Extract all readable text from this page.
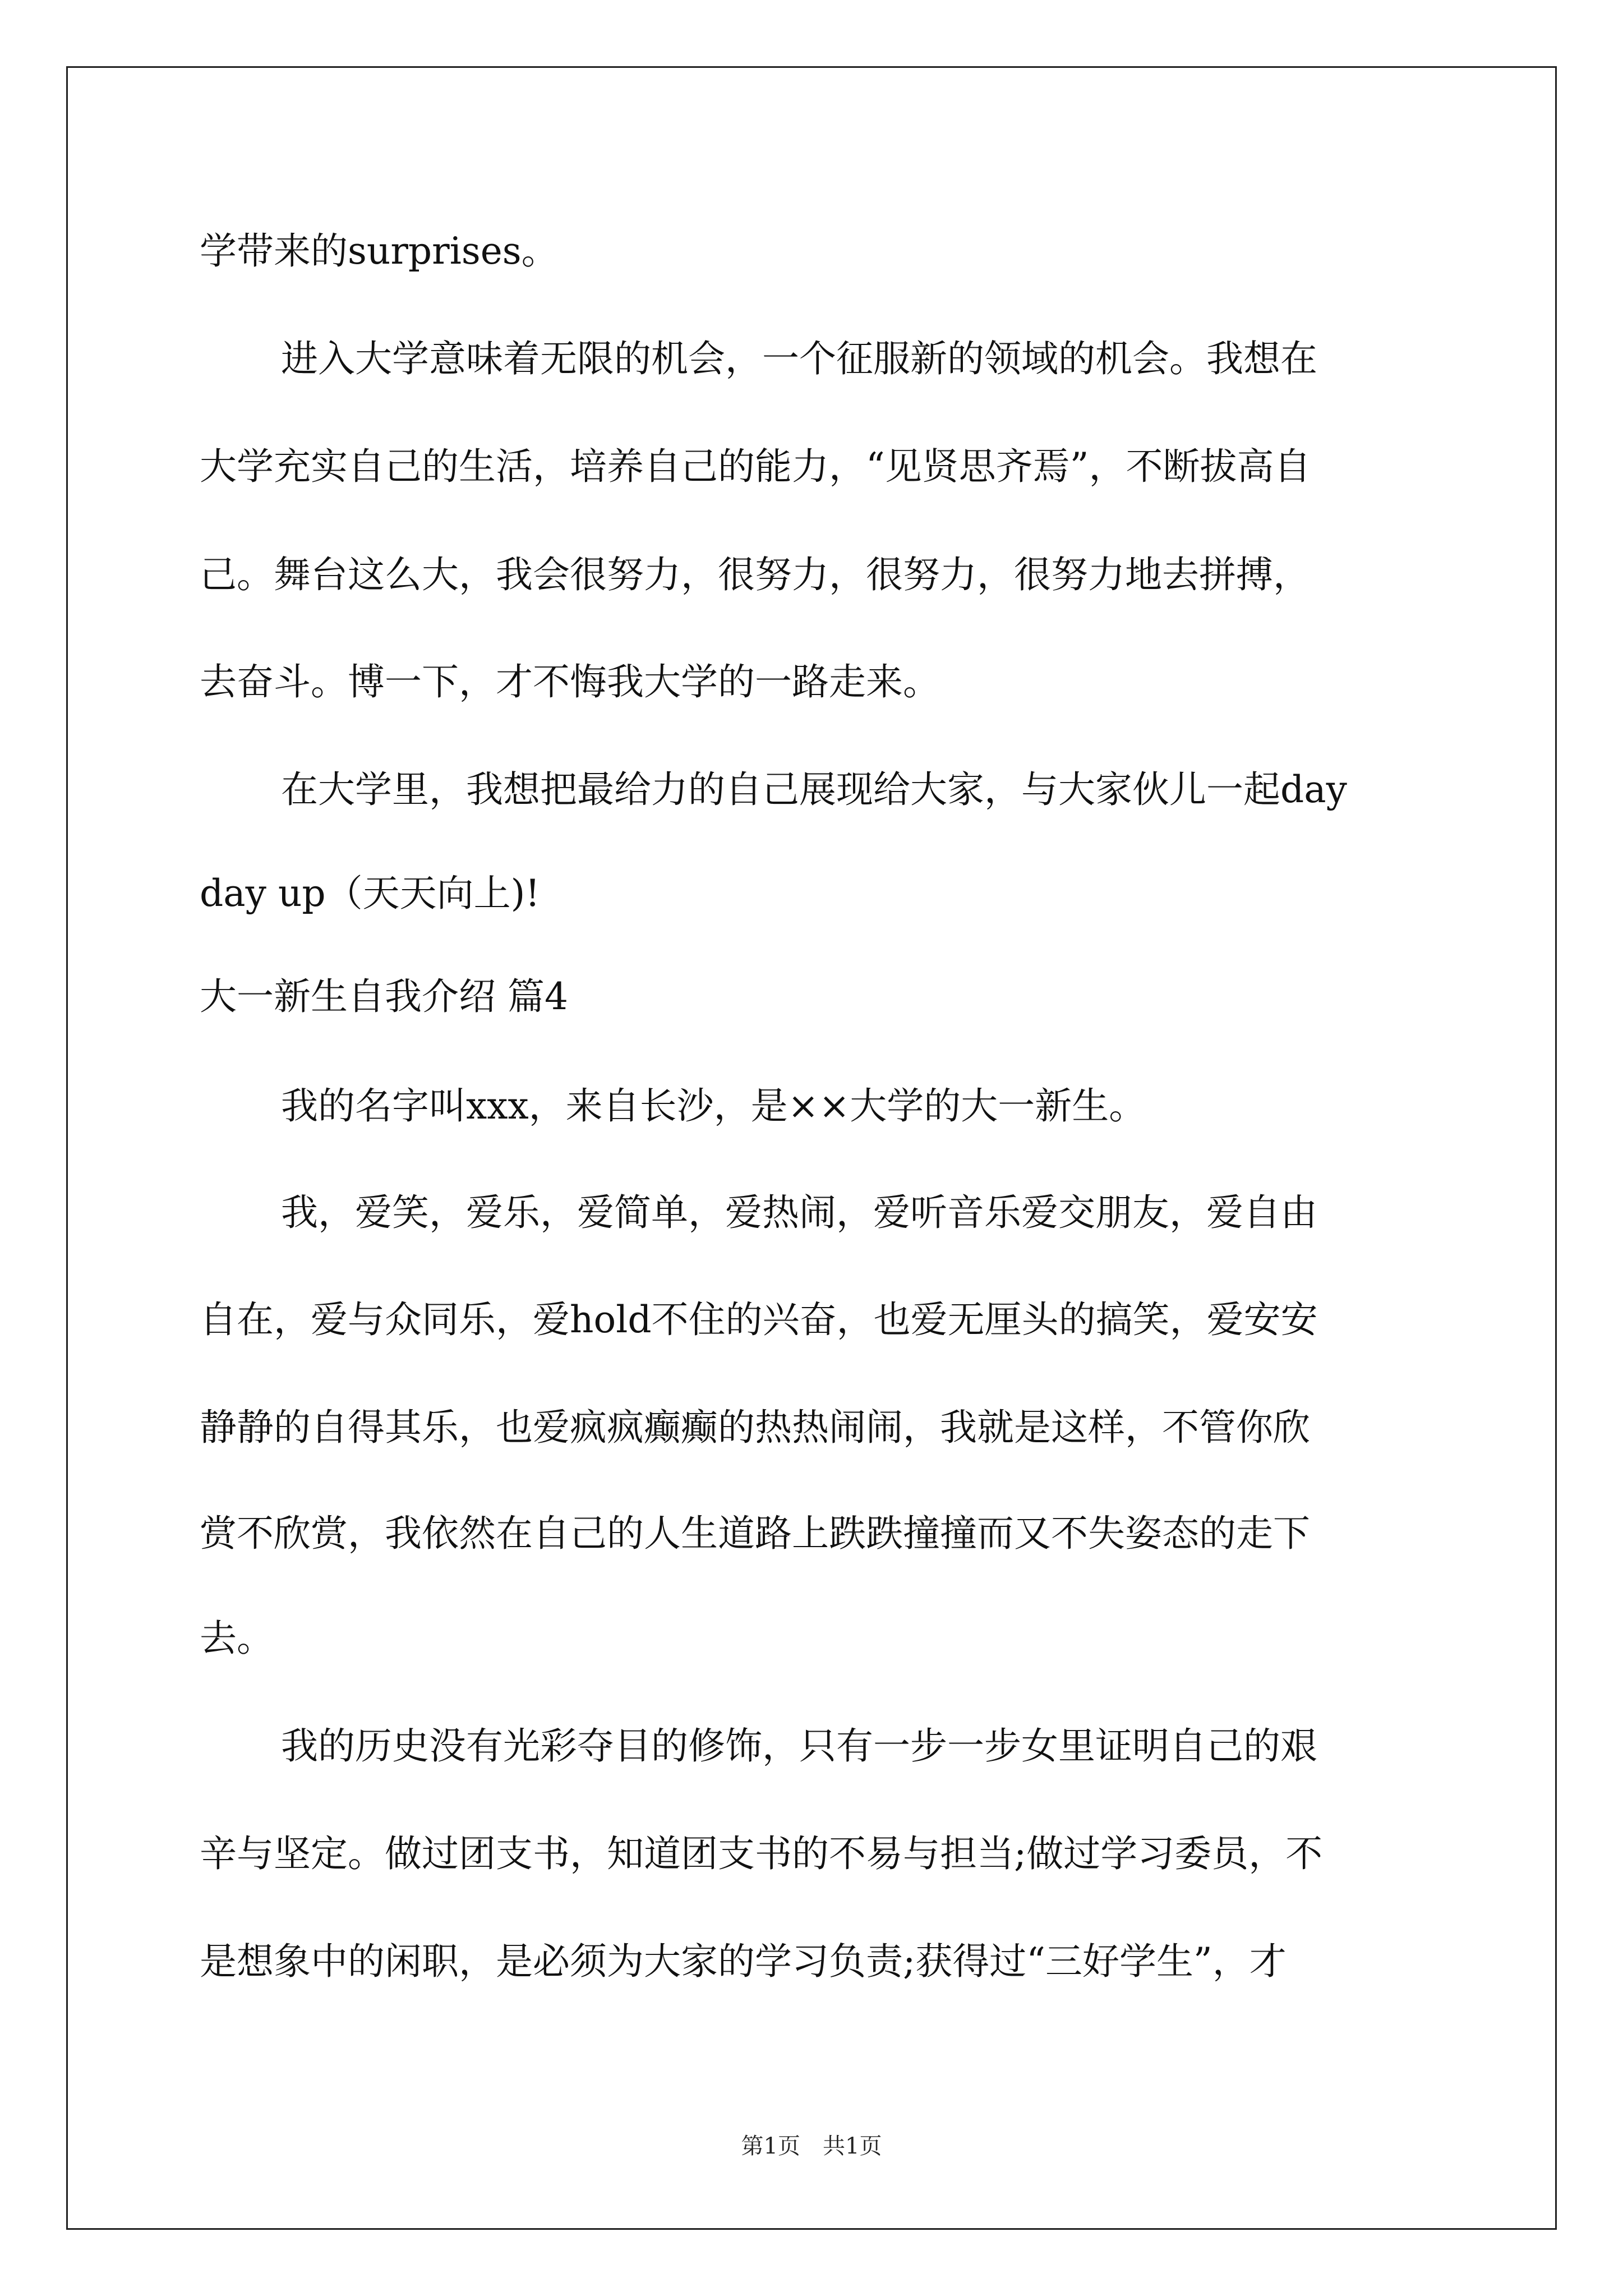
学带来的surprises。
进入大学意味着无限的机会，一个征服新的领域的机会。我想在
大学充实自己的生活，培养自己的能力，“见贤思齐焉”，不断拔高自
己。舞台这么大，我会很努力，很努力，很努力，很努力地去拼搏，
去奋斗。博一下，才不悔我大学的一路走来。
在大学里，我想把最给力的自己展现给大家，与大家伙儿一起day
day up（天天向上)!
大一新生自我介绍 篇4
我的名字叫xxx，来自长沙，是××大学的大一新生。
我，爱笑，爱乐，爱简单，爱热闹，爱听音乐爱交朋友，爱自由
自在，爱与众同乐，爱hold不住的兴奋，也爱无厘头的搞笑，爱安安
静静的自得其乐，也爱疯疯癫癫的热热闹闹，我就是这样，不管你欣
赏不欣赏，我依然在自己的人生道路上跌跌撞撞而又不失姿态的走下
去。
我的历史没有光彩夺目的修饰，只有一步一步女里证明自己的艰
辛与坚定。做过团支书，知道团支书的不易与担当;做过学习委员，不
是想象中的闲职，是必须为大家的学习负责;获得过“三好学生”，才
第1页　共1页
